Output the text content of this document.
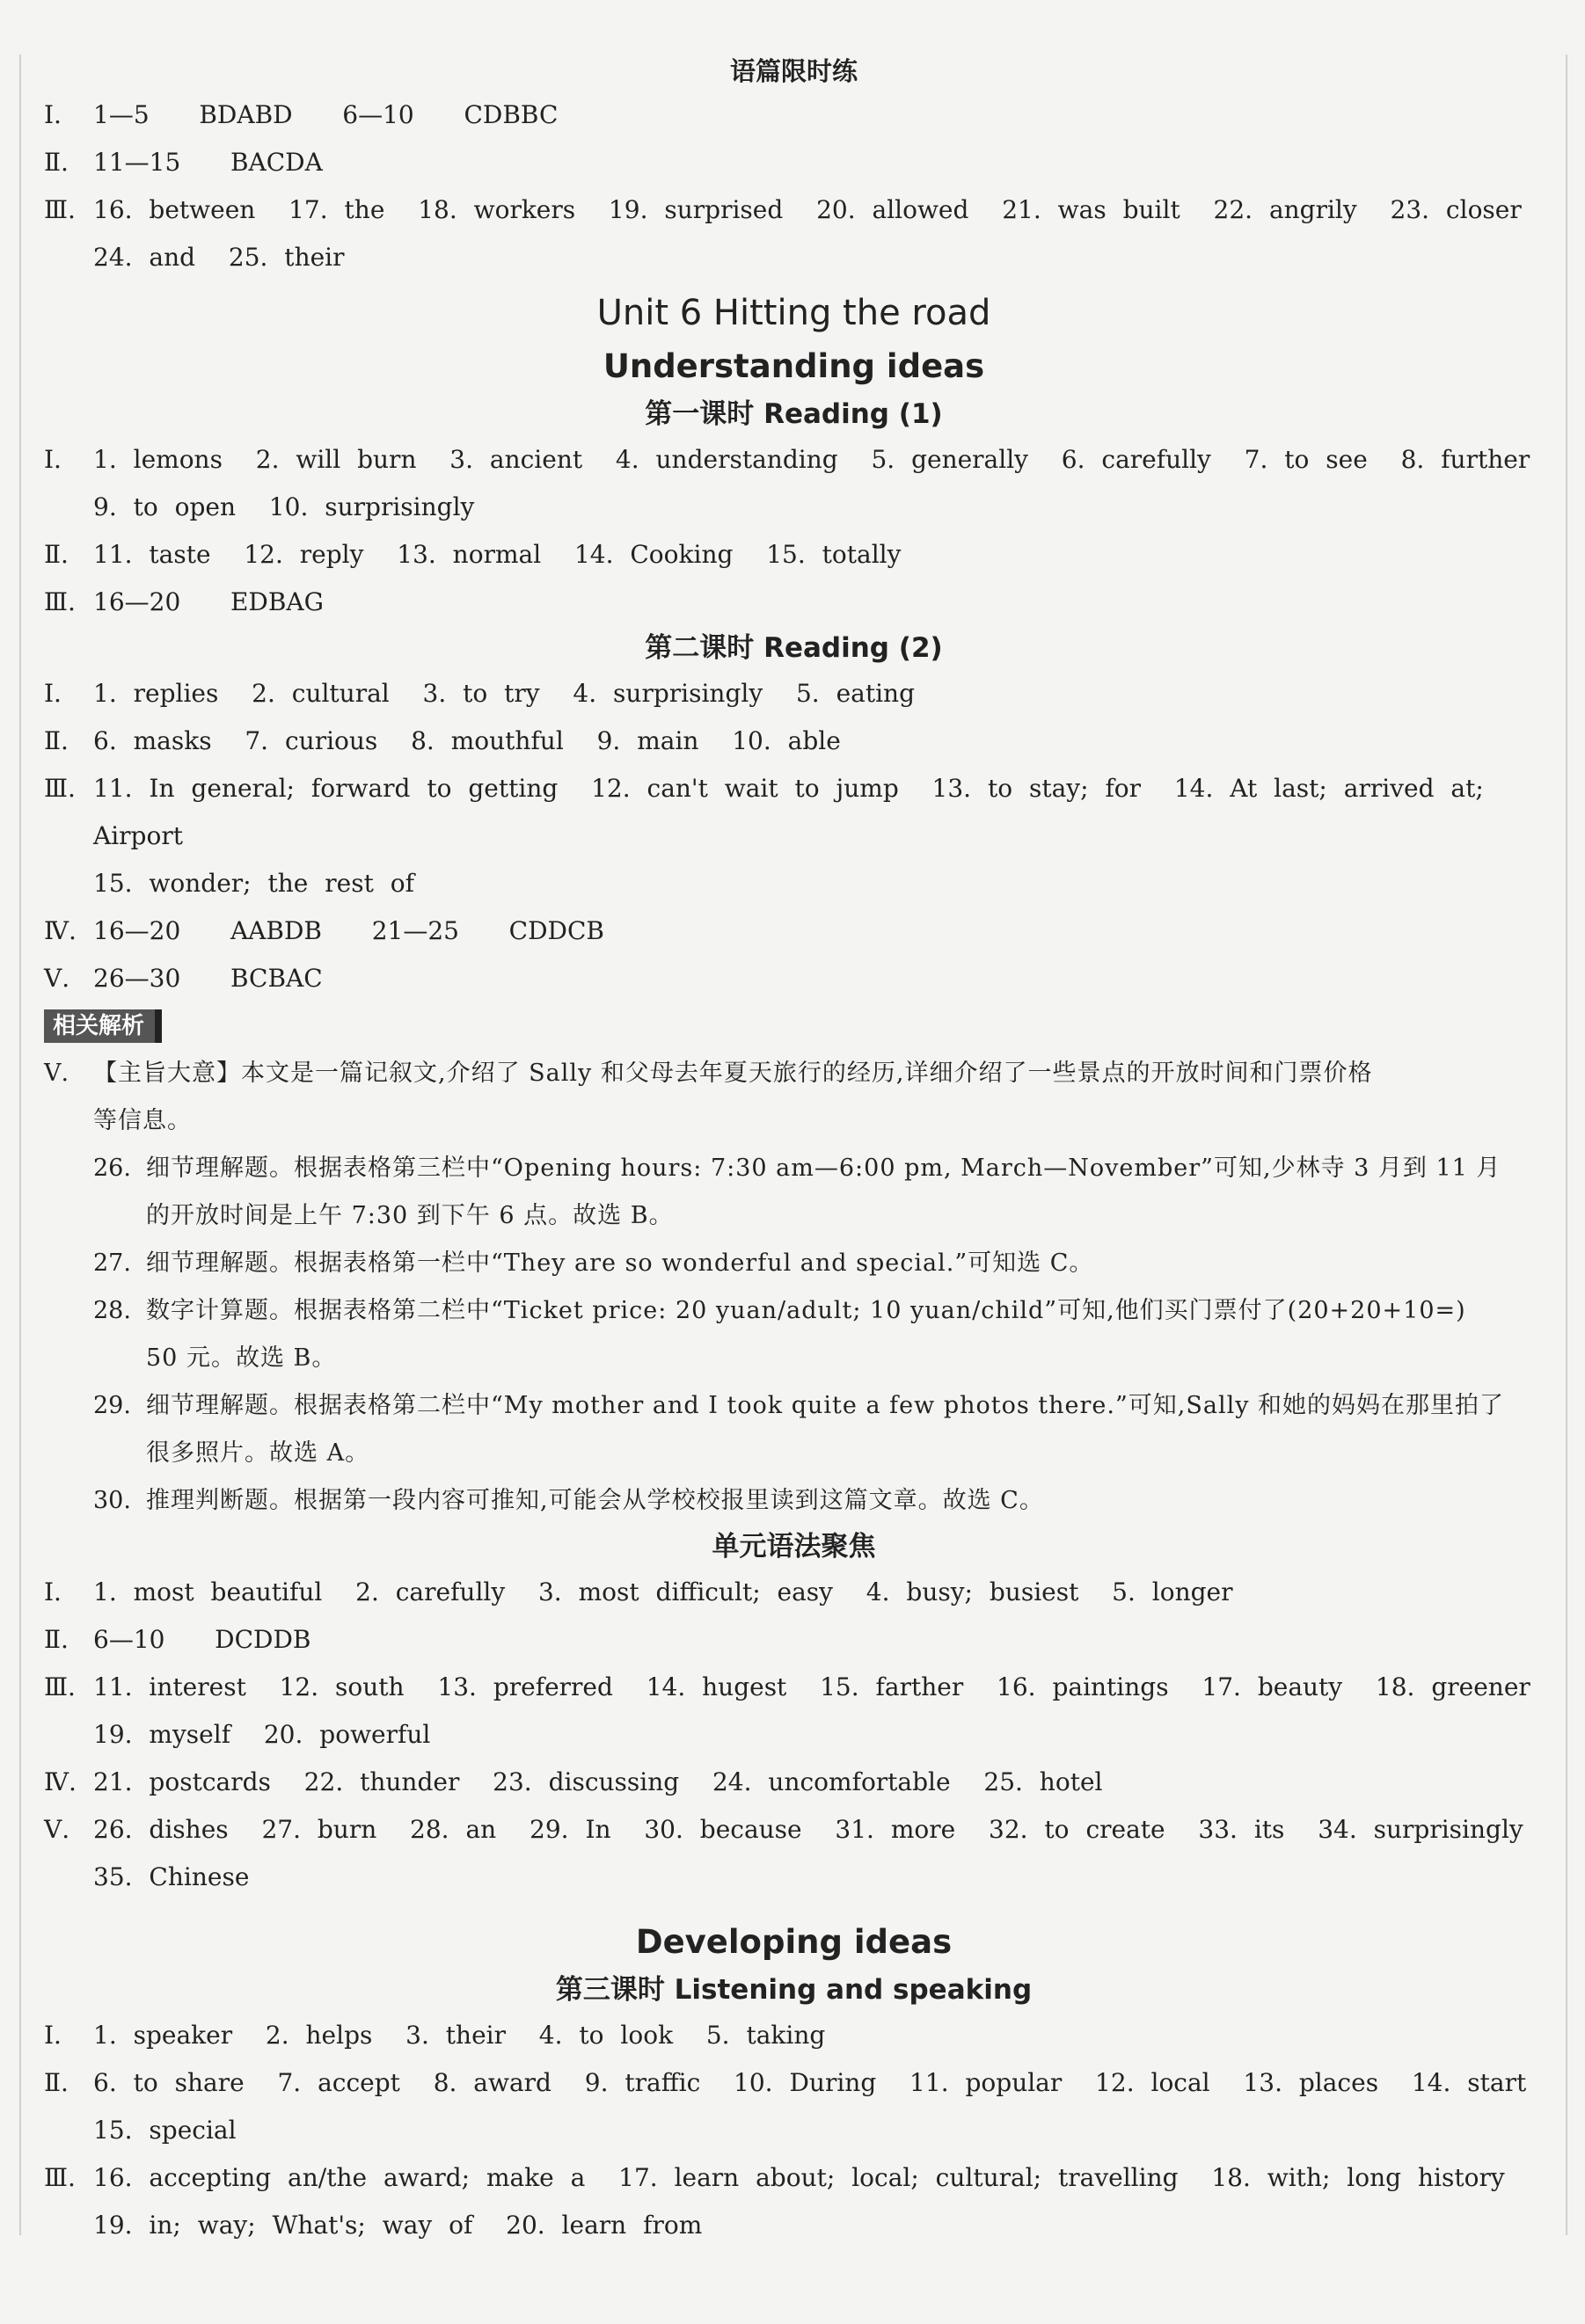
语篇限时练
Ⅰ.	1—5   BDABD   6—10   CDBBC
Ⅱ.	11—15   BACDA
Ⅲ. 16. between  17. the  18. workers  19. surprised  20. allowed  21. was built  22. angrily  23. closer
24. and  25. their
Unit 6 Hitting the road
Understanding ideas
第一课时 Reading (1)
Ⅰ.	1. lemons  2. will burn  3. ancient  4. understanding  5. generally  6. carefully  7. to see  8. further
9. to open  10. surprisingly
Ⅱ.	11. taste  12. reply  13. normal  14. Cooking  15. totally
Ⅲ. 16—20   EDBAG
第二课时 Reading (2)
Ⅰ.	1. replies  2. cultural  3. to try  4. surprisingly  5. eating
Ⅱ.	6. masks  7. curious  8. mouthful  9. main  10. able
Ⅲ. 11. In general; forward to getting  12. can't wait to jump  13. to stay; for  14. At last; arrived at; Airport
15. wonder; the rest of
Ⅳ. 16—20   AABDB   21—25   CDDCB
Ⅴ. 26—30   BCBAC
相关解析
Ⅴ.	【主旨大意】本文是一篇记叙文,介绍了 Sally 和父母去年夏天旅行的经历,详细介绍了一些景点的开放时间和门票价格
等信息。
26. 细节理解题。根据表格第三栏中“Opening hours: 7:30 am—6:00 pm, March—November”可知,少林寺 3 月到 11 月
的开放时间是上午 7:30 到下午 6 点。故选 B。
27. 细节理解题。根据表格第一栏中“They are so wonderful and special.”可知选 C。
28. 数字计算题。根据表格第二栏中“Ticket price: 20 yuan/adult; 10 yuan/child”可知,他们买门票付了(20+20+10=)
50 元。故选 B。
29. 细节理解题。根据表格第二栏中“My mother and I took quite a few photos there.”可知,Sally 和她的妈妈在那里拍了
很多照片。故选 A。
30. 推理判断题。根据第一段内容可推知,可能会从学校校报里读到这篇文章。故选 C。
单元语法聚焦
Ⅰ.	1. most beautiful  2. carefully  3. most difficult; easy  4. busy; busiest  5. longer
Ⅱ.	6—10   DCDDB
Ⅲ. 11. interest  12. south  13. preferred  14. hugest  15. farther  16. paintings  17. beauty  18. greener
19. myself  20. powerful
Ⅳ. 21. postcards  22. thunder  23. discussing  24. uncomfortable  25. hotel
Ⅴ. 26. dishes  27. burn  28. an  29. In  30. because  31. more  32. to create  33. its  34. surprisingly
35. Chinese
Developing ideas
第三课时 Listening and speaking
Ⅰ.	1. speaker  2. helps  3. their  4. to look  5. taking
Ⅱ.	6. to share  7. accept  8. award  9. traffic  10. During  11. popular  12. local  13. places  14. start
15. special
Ⅲ. 16. accepting an/the award; make a  17. learn about; local; cultural; travelling  18. with; long history
19. in; way; What's; way of  20. learn from
